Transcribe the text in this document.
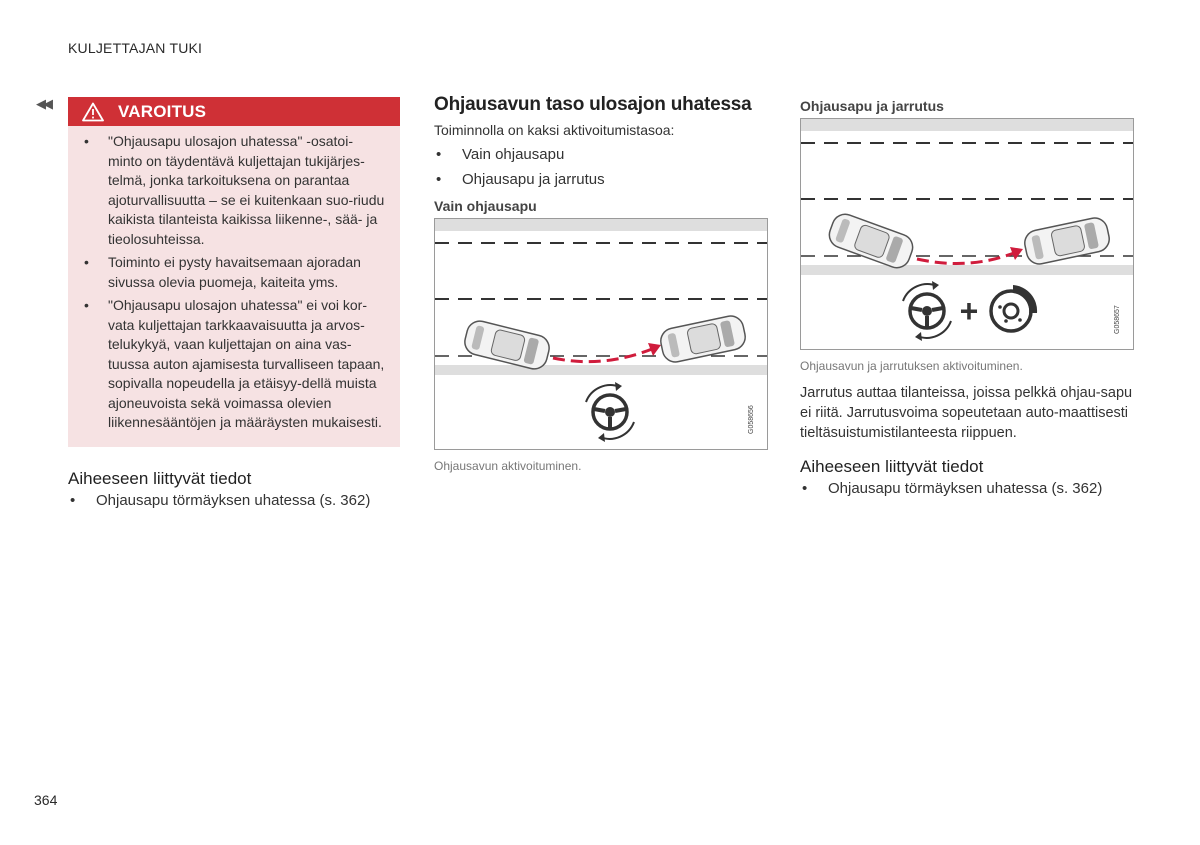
KULJETTAJAN TUKI
◀◀	VAROITUS
• "Ohjausapu ulosajon uhatessa" -osatoi-minto on täydentävä kuljettajan tukijärjes-telmä, jonka tarkoituksena on parantaa ajoturvallisuutta – se ei kuitenkaan suo-riudu kaikista tilanteista kaikissa liikenne-, sää- ja tieolosuhteissa.
• Toiminto ei pysty havaitsemaan ajoradan sivussa olevia puomeja, kaiteita yms.
• "Ohjausapu ulosajon uhatessa" ei voi kor-vata kuljettajan tarkkaavaisuutta ja arvos-telukykyä, vaan kuljettajan on aina vas-tuussa auton ajamisesta turvalliseen tapaan, sopivalla nopeudella ja etäisyy-dellä muista ajoneuvoista sekä voimassa olevien liikennesääntöjen ja määräysten mukaisesti.
Aiheeseen liittyvät tiedot
• Ohjausapu törmäyksen uhatessa (s. 362)
Ohjausavun taso ulosajon uhatessa

Toiminnolla on kaksi aktivoitumistasoa:

• Vain ohjausapu
• Ohjausapu ja jarrutus
Vain ohjausapu
G058656
Ohjausavun aktivoituminen.
Ohjausapu ja jarrutus
+	G058657
Ohjausavun ja jarrutuksen aktivoituminen.

Jarrutus auttaa tilanteissa, joissa pelkkä ohjau-sapu ei riitä. Jarrutusvoima sopeutetaan auto-maattisesti tieltäsuistumistilanteesta riippuen.

Aiheeseen liittyvät tiedot
• Ohjausapu törmäyksen uhatessa (s. 362)
364
